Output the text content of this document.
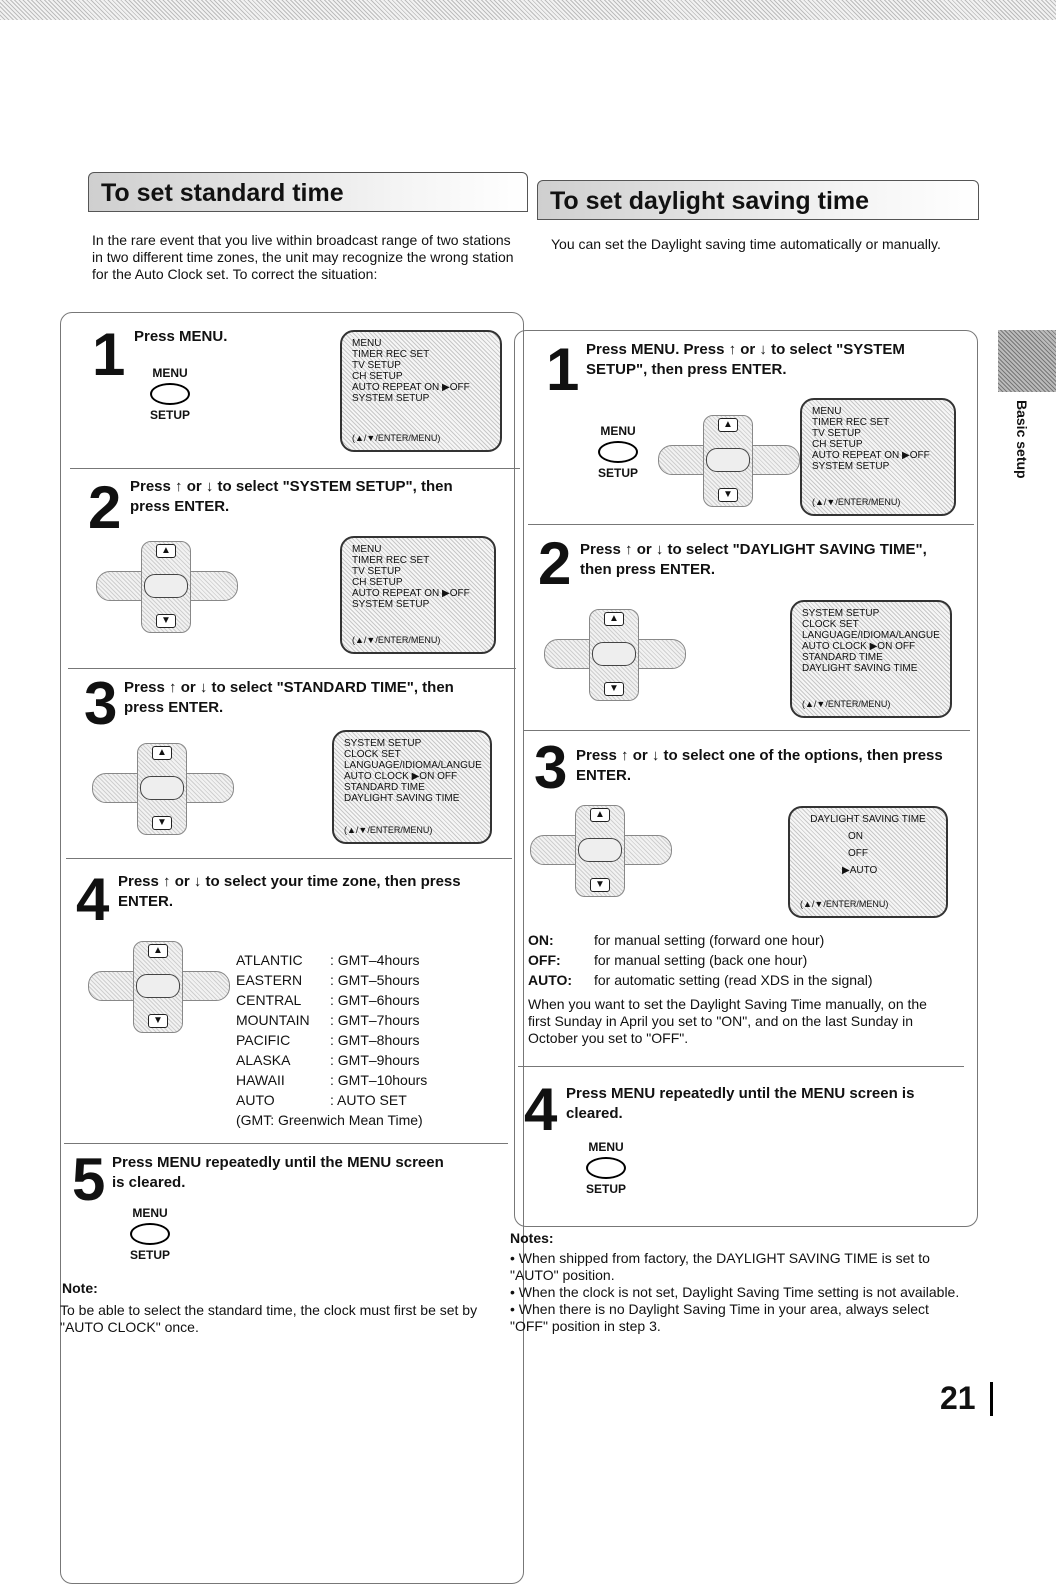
To set standard time
In the rare event that you live within broadcast range of two stations in two different time zones, the unit may recognize the wrong station for the Auto Clock set. To correct the situation:
1 Press MENU.
MENU
SETUP
MENU
TIMER REC SET
TV SETUP
CH SETUP
AUTO REPEAT ON ▶OFF
SYSTEM SETUP
(▲/▼/ENTER/MENU)
2 Press ↑ or ↓ to select "SYSTEM SETUP", then press ENTER.
▲
▼
MENU
TIMER REC SET
TV SETUP
CH SETUP
AUTO REPEAT ON ▶OFF
SYSTEM SETUP
(▲/▼/ENTER/MENU)
3 Press ↑ or ↓ to select "STANDARD TIME", then press ENTER.
▲
▼
SYSTEM SETUP
CLOCK SET
LANGUAGE/IDIOMA/LANGUE
AUTO CLOCK ▶ON OFF
STANDARD TIME
DAYLIGHT SAVING TIME
(▲/▼/ENTER/MENU)
4 Press ↑ or ↓ to select your time zone, then press ENTER.
▲
▼
ATLANTIC : GMT–4hours
EASTERN : GMT–5hours
CENTRAL : GMT–6hours
MOUNTAIN : GMT–7hours
PACIFIC	: GMT–8hours
ALASKA	: GMT–9hours
HAWAII	: GMT–10hours
AUTO	: AUTO SET
(GMT: Greenwich Mean Time)
5 Press MENU repeatedly until the MENU screen is cleared.
MENU
SETUP
Note:
To be able to select the standard time, the clock must first be set by "AUTO CLOCK" once.
To set daylight saving time
You can set the Daylight saving time automatically or manually.
1 Press MENU. Press ↑ or ↓ to select "SYSTEM SETUP", then press ENTER.
MENU
SETUP
▲
▼
MENU
TIMER REC SET
TV SETUP
CH SETUP
AUTO REPEAT ON ▶OFF
SYSTEM SETUP
(▲/▼/ENTER/MENU)
2 Press ↑ or ↓ to select "DAYLIGHT SAVING TIME", then press ENTER.
▲
▼
SYSTEM SETUP
CLOCK SET
LANGUAGE/IDIOMA/LANGUE
AUTO CLOCK ▶ON OFF
STANDARD TIME
DAYLIGHT SAVING TIME
(▲/▼/ENTER/MENU)
3 Press ↑ or ↓ to select one of the options, then press ENTER.
▲
▼
DAYLIGHT SAVING TIME
ON
OFF
▶AUTO
(▲/▼/ENTER/MENU)
ON:	for manual setting (forward one hour)
OFF: for manual setting (back one hour)
AUTO: for automatic setting (read XDS in the signal)
When you want to set the Daylight Saving Time manually, on the first Sunday in April you set to "ON", and on the last Sunday in October you set to "OFF".
4 Press MENU repeatedly until the MENU screen is cleared.
MENU
SETUP
Notes:
• When shipped from factory, the DAYLIGHT SAVING TIME is set to "AUTO" position.
• When the clock is not set, Daylight Saving Time setting is not available.
• When there is no Daylight Saving Time in your area, always select "OFF" position in step 3.
Basic setup
21
